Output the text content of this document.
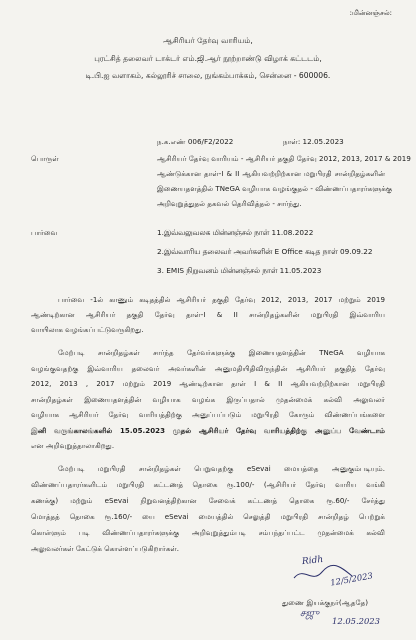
:மின்னஞ்சல்:
ஆசிரியர் தேர்வு வாரியம்,
புரட்சித் தலைவர் டாக்டர் எம்.ஜி.ஆர் நூற்றாண்டு விழாக் கட்டடம்,
டி.பி.ஐ வளாகம், கல்லூரிச் சாலை, நுங்கம்பாக்கம், சென்னை - 600006.
ந.க.எண் 006/F2/2022	நாள்: 12.05.2023
பொருள்	ஆசிரியர் தேர்வு வாரியம் - ஆசிரியர் தகுதி தேர்வு 2012, 2013, 2017 & 2019
ஆண்டுக்கான தாள்-I & II ஆகியவற்றிற்கான மறுபிரதி சான்றிதழ்களின்
இணையதளத்தில் TNeGA வழியாக வழங்குதல் - விண்ணப்பதாரர்களுக்கு
அறிவுறுத்துதல் தகவல் தெரிவித்தல் - சார்ந்து.
பார்வை	1.இவ்வலுவலக மின்னஞ்சல் நாள் 11.08.2022
2.இவ்வாரிய தலைவர் அவர்களின் E Office கடித நாள் 09.09.22
3. EMIS நிறுவனம் மின்னஞ்சல் நாள் 11.05.2023
பார்வை -1ல் காணும் கடிதத்தில் ஆசிரியர் தகுதி தேர்வு 2012, 2013, 2017 மற்றும் 2019
ஆண்டிற்கான ஆசிரியர் தகுதி தேர்வு தாள்-I & II சான்றிதழ்களின் மறுபிரதி இவ்வாரிய
வாயிலாக வழங்கப்பட்டுவருகிறது.
மேற்படி சான்றிதழ்கள் சார்ந்த தேர்வர்களுக்கு இணையதளத்தின் TNeGA வழியாக
வழங்குவதற்கு இவ்வாரிய தலைவர் அவர்களின் அனுமதியிதிவிருந்தின் ஆசிரியர் தகுதித் தேர்வு
2012, 2013 , 2017 மற்றும் 2019 ஆண்டிற்கான தாள் I & II ஆகியவற்றிற்கான மறுபிரதி
சான்றிதழ்கள் இணையதளத்தின் வழியாக வழங்க இருப்பதால் முதன்மைக் கல்வி அலுவலர்
வழியாக ஆசிரியர் தேர்வு வாரியத்திற்கு அனுப்பப்படும் மறுபிரதி கோரும் விண்ணப்பங்களை
இனி வருங்காலங்களில் 15.05.2023 முதல் ஆசிரியர் தேர்வு வாரியத்திற்கு அனுப்ப வேண்டாம்
என அறிவுறுத்தாலாகிறது.
மேற்படி மறுபிரதி சான்றிதழ்கள் பெறுவதற்கு eSevai மையத்தை அனுகும்படியும்.
விண்ணப்பதாரர்களிடம் மறுபிரதி கட்டணத் தொகை ரூ.100/- (ஆசிரியர் தேர்வு வாரிய வங்கி
கணக்கு) மற்றும் eSevai நிறுவனத்திற்கான சேவைக் கட்டணத் தொகை ரூ.60/- சேர்த்து
மொத்தத் தொகை ரூ.160/- யை eSevai மையத்தில் செலுத்தி மறுபிரதி சான்றிதழ் பெற்றுக்
கொள்ளும் படி விண்ணப்பதாரர்களுக்கு அறிவுறுத்தும்படி சம்பந்தப்பட்ட முதன்மைக் கல்வி
அலுவலர்கள் கேட்டுக் கொள்ளப்படுகிறார்கள்.
Ridh
12/5/2023
துணை இயக்குநர்(ஆததே)
சஜு
12.05.2023
